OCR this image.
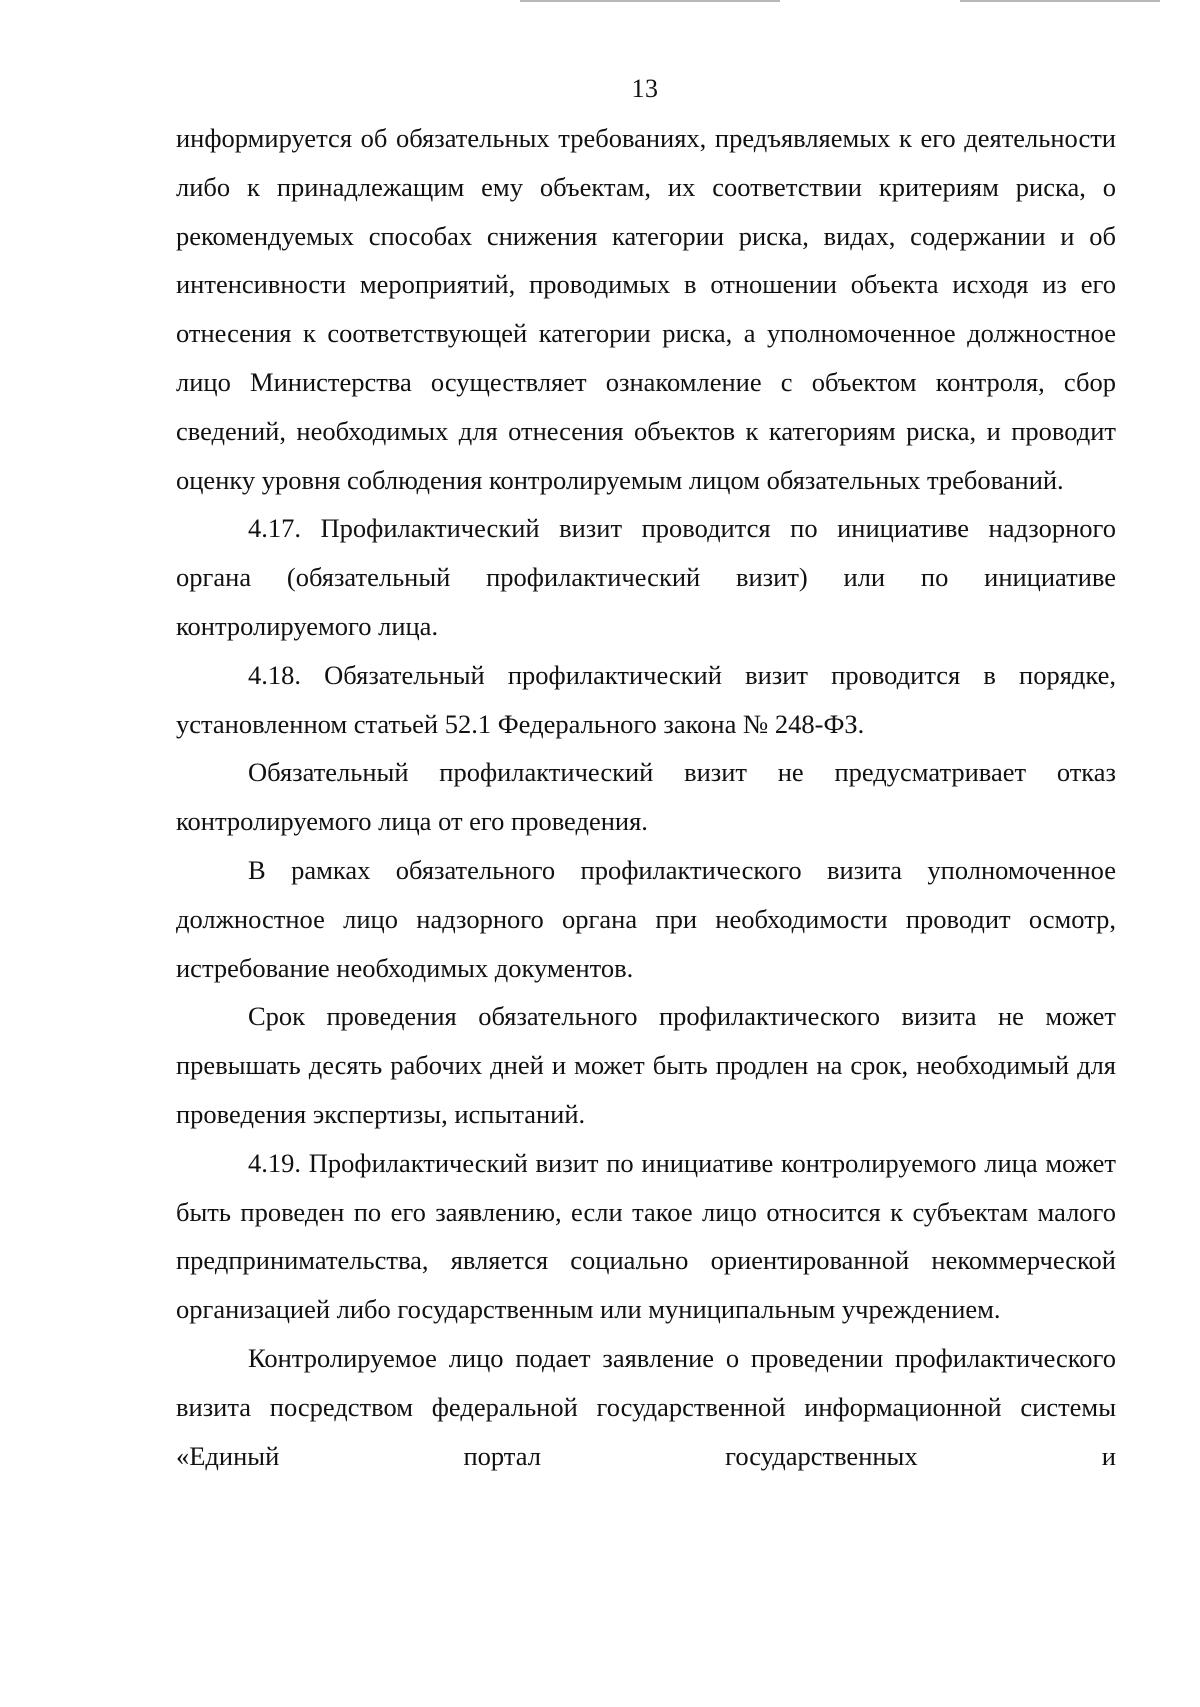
13

информируется об обязательных требованиях, предъявляемых к его деятельности либо к принадлежащим ему объектам, их соответствии критериям риска, о рекомендуемых способах снижения категории риска, видах, содержании и об интенсивности мероприятий, проводимых в отношении объекта исходя из его отнесения к соответствующей категории риска, а уполномоченное должностное лицо Министерства осуществляет ознакомление с объектом контроля, сбор сведений, необходимых для отнесения объектов к категориям риска, и проводит оценку уровня соблюдения контролируемым лицом обязательных требований.

4.17. Профилактический визит проводится по инициативе надзорного органа (обязательный профилактический визит) или по инициативе контролируемого лица.

4.18. Обязательный профилактический визит проводится в порядке, установленном статьей 52.1 Федерального закона № 248-ФЗ.

Обязательный профилактический визит не предусматривает отказ контролируемого лица от его проведения.

В рамках обязательного профилактического визита уполномоченное должностное лицо надзорного органа при необходимости проводит осмотр, истребование необходимых документов.

Срок проведения обязательного профилактического визита не может превышать десять рабочих дней и может быть продлен на срок, необходимый для проведения экспертизы, испытаний.

4.19. Профилактический визит по инициативе контролируемого лица может быть проведен по его заявлению, если такое лицо относится к субъектам малого предпринимательства, является социально ориентированной некоммерческой организацией либо государственным или муниципальным учреждением.

Контролируемое лицо подает заявление о проведении профилактического визита посредством федеральной государственной информационной системы «Единый портал государственных и
